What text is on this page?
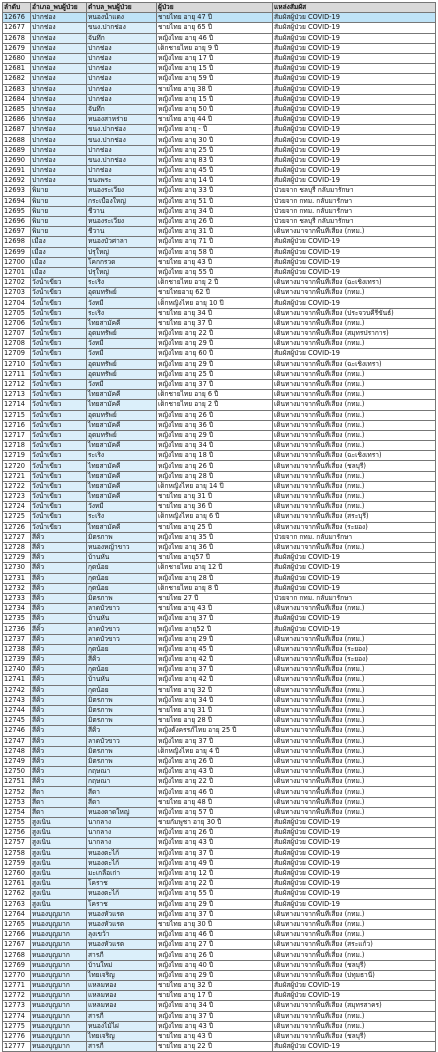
ลำดับ	อำเภอ_พบผู้ป่วย	ตำบล_พบผู้ป่วย	ผู้ป่วย	แหล่งสัมผัส
12676	ปากช่อง	หนองน้ำแดง	ชายไทย อายุ 47 ปี	สัมผัสผู้ป่วย COVID-19
12677	ปากช่อง	ขนง.ปากช่อง	ชายไทย อายุ 65 ปี	สัมผัสผู้ป่วย COVID-19
12678	ปากช่อง	จันทึก	หญิงไทย อายุ 46 ปี	สัมผัสผู้ป่วย COVID-19
12679	ปากช่อง	ปากช่อง	เด็กชายไทย อายุ 9 ปี	สัมผัสผู้ป่วย COVID-19
12680	ปากช่อง	ปากช่อง	หญิงไทย อายุ 17 ปี	สัมผัสผู้ป่วย COVID-19
12681	ปากช่อง	ปากช่อง	หญิงไทย อายุ 15 ปี	สัมผัสผู้ป่วย COVID-19
12682	ปากช่อง	ปากช่อง	หญิงไทย อายุ 59 ปี	สัมผัสผู้ป่วย COVID-19
12683	ปากช่อง	ปากช่อง	ชายไทย อายุ 38 ปี	สัมผัสผู้ป่วย COVID-19
12684	ปากช่อง	ปากช่อง	หญิงไทย อายุ 15 ปี	สัมผัสผู้ป่วย COVID-19
12685	ปากช่อง	จันทึก	หญิงไทย อายุ 50 ปี	สัมผัสผู้ป่วย COVID-19
12686	ปากช่อง	หนองสาหร่าย	ชายไทย อายุ 44 ปี	สัมผัสผู้ป่วย COVID-19
12687	ปากช่อง	ขนง.ปากช่อง	หญิงไทย อายุ - ปี	สัมผัสผู้ป่วย COVID-19
12688	ปากช่อง	ขนง.ปากช่อง	หญิงไทย อายุ 30 ปี	สัมผัสผู้ป่วย COVID-19
12689	ปากช่อง	ปากช่อง	หญิงไทย อายุ 25 ปี	สัมผัสผู้ป่วย COVID-19
12690	ปากช่อง	ขนง.ปากช่อง	หญิงไทย อายุ 83 ปี	สัมผัสผู้ป่วย COVID-19
12691	ปากช่อง	ปากช่อง	หญิงไทย อายุ 45 ปี	สัมผัสผู้ป่วย COVID-19
12692	ปากช่อง	ขนงพระ	หญิงไทย อายุ 14 ปี	สัมผัสผู้ป่วย COVID-19
12693	พิมาย	หนองระเวียง	หญิงไทย อายุ 33 ปี	ป่วยจาก ชลบุรี กลับมารักษา
12694	พิมาย	กระเบื้องใหญ่	หญิงไทย อายุ 51 ปี	ป่วยจาก กทม. กลับมารักษา
12695	พิมาย	ชีวาน	หญิงไทย อายุ 34 ปี	ป่วยจาก กทม. กลับมารักษา
12696	พิมาย	หนองระเวียง	หญิงไทย อายุ 26 ปี	ป่วยจาก ชลบุรี กลับมารักษา
12697	พิมาย	ชีวาน	หญิงไทย อายุ 31 ปี	เดินทางมาจากพื้นที่เสี่ยง (กทม.)
12698	เมือง	หนองบัวศาลา	หญิงไทย อายุ 71 ปี	สัมผัสผู้ป่วย COVID-19
12699	เมือง	ปรุใหญ่	หญิงไทย อายุ 58 ปี	สัมผัสผู้ป่วย COVID-19
12700	เมือง	โคกกรวด	ชายไทย อายุ 43 ปี	สัมผัสผู้ป่วย COVID-19
12701	เมือง	ปรุใหญ่	หญิงไทย อายุ 55 ปี	สัมผัสผู้ป่วย COVID-19
12702	วังน้ำเขียว	ระเริง	เด็กชายไทย อายุ 2 ปี	เดินทางมาจากพื้นที่เสี่ยง (ฉะเชิงเทรา)
12703	วังน้ำเขียว	อุดมทรัพย์	ชายไทยอายุ 62 ปี	เดินทางมาจากพื้นที่เสี่ยง (กทม.)
12704	วังน้ำเขียว	วังหมี	เด็กหญิงไทย อายุ 10 ปี	สัมผัสผู้ป่วย COVID-19
12705	วังน้ำเขียว	ระเริง	ชายไทย อายุ 34 ปี	เดินทางมาจากพื้นที่เสี่ยง (ประจวบคีรีขันธ์)
12706	วังน้ำเขียว	ไทยสามัคคี	ชายไทย อายุ 37 ปี	เดินทางมาจากพื้นที่เสี่ยง (กทม.)
12707	วังน้ำเขียว	อุดมทรัพย์	หญิงไทย อายุ 22 ปี	เดินทางมาจากพื้นที่เสี่ยง (สมุทรปราการ)
12708	วังน้ำเขียว	วังหมี	หญิงไทย อายุ 29 ปี	เดินทางมาจากพื้นที่เสี่ยง (กทม.)
12709	วังน้ำเขียว	วังหมี	หญิงไทย อายุ 60 ปี	สัมผัสผู้ป่วย COVID-19
12710	วังน้ำเขียว	อุดมทรัพย์	หญิงไทย อายุ 29 ปี	เดินทางมาจากพื้นที่เสี่ยง (ฉะเชิงเทรา)
12711	วังน้ำเขียว	อุดมทรัพย์	หญิงไทย อายุ 25 ปี	เดินทางมาจากพื้นที่เสี่ยง (กทม.)
12712	วังน้ำเขียว	วังหมี	หญิงไทย อายุ 37 ปี	เดินทางมาจากพื้นที่เสี่ยง (กทม.)
12713	วังน้ำเขียว	ไทยสามัคคี	เด็กชายไทย อายุ 6 ปี	เดินทางมาจากพื้นที่เสี่ยง (กทม.)
12714	วังน้ำเขียว	ไทยสามัคคี	เด็กชายไทย อายุ 2 ปี	เดินทางมาจากพื้นที่เสี่ยง (กทม.)
12715	วังน้ำเขียว	อุดมทรัพย์	หญิงไทย อายุ 26 ปี	เดินทางมาจากพื้นที่เสี่ยง (กทม.)
12716	วังน้ำเขียว	ไทยสามัคคี	หญิงไทย อายุ 36 ปี	เดินทางมาจากพื้นที่เสี่ยง (กทม.)
12717	วังน้ำเขียว	อุดมทรัพย์	หญิงไทย อายุ 29 ปี	เดินทางมาจากพื้นที่เสี่ยง (กทม.)
12718	วังน้ำเขียว	ไทยสามัคคี	หญิงไทย อายุ 34 ปี	เดินทางมาจากพื้นที่เสี่ยง (กทม.)
12719	วังน้ำเขียว	ระเริง	หญิงไทย อายุ 18 ปี	เดินทางมาจากพื้นที่เสี่ยง (ฉะเชิงเทรา)
12720	วังน้ำเขียว	ไทยสามัคคี	หญิงไทย อายุ 26 ปี	เดินทางมาจากพื้นที่เสี่ยง (ชลบุรี)
12721	วังน้ำเขียว	ไทยสามัคคี	หญิงไทย อายุ 28 ปี	เดินทางมาจากพื้นที่เสี่ยง (กทม.)
12722	วังน้ำเขียว	ไทยสามัคคี	เด็กหญิงไทย อายุ 14 ปี	เดินทางมาจากพื้นที่เสี่ยง (กทม.)
12723	วังน้ำเขียว	ไทยสามัคคี	ชายไทย อายุ 31 ปี	เดินทางมาจากพื้นที่เสี่ยง (กทม.)
12724	วังน้ำเขียว	วังหมี	ชายไทย อายุ 36 ปี	เดินทางมาจากพื้นที่เสี่ยง (กทม.)
12725	วังน้ำเขียว	ระเริง	เด็กหญิงไทย อายุ 6 ปี	เดินทางมาจากพื้นที่เสี่ยง (สระบุรี)
12726	วังน้ำเขียว	ไทยสามัคคี	ชายไทย อายุ 25 ปี	เดินทางมาจากพื้นที่เสี่ยง (ระยอง)
12727	สีคิ้ว	มิตรภาพ	หญิงไทย อายุ 35 ปี	ป่วยจาก กทม. กลับมารักษา
12728	สีคิ้ว	หนองหญ้าขาว	หญิงไทย อายุ 36 ปี	เดินทางมาจากพื้นที่เสี่ยง (กทม.)
12729	สีคิ้ว	บ้านหัน	ชายไทย อายุ57 ปี	สัมผัสผู้ป่วย COVID-19
12730	สีคิ้ว	กุดน้อย	เด็กชายไทย อายุ 12 ปี	สัมผัสผู้ป่วย COVID-19
12731	สีคิ้ว	กุดน้อย	หญิงไทย อายุ 28 ปี	สัมผัสผู้ป่วย COVID-19
12732	สีคิ้ว	กุดน้อย	เด็กชายไทย อายุ 8 ปี	สัมผัสผู้ป่วย COVID-19
12733	สีคิ้ว	มิตรภาพ	ชายไทย 27 ปี	ป่วยจาก กทม. กลับมารักษา
12734	สีคิ้ว	ลาดบัวขาว	ชายไทย อายุ 43 ปี	เดินทางมาจากพื้นที่เสี่ยง (กทม.)
12735	สีคิ้ว	บ้านหัน	หญิงไทย อายุ 37 ปี	สัมผัสผู้ป่วย COVID-19
12736	สีคิ้ว	ลาดบัวขาว	หญิงไทย อายุ52 ปี	สัมผัสผู้ป่วย COVID-19
12737	สีคิ้ว	ลาดบัวขาว	หญิงไทย อายุ 29 ปี	เดินทางมาจากพื้นที่เสี่ยง (กทม.)
12738	สีคิ้ว	กุดน้อย	หญิงไทย อายุ 45 ปี	เดินทางมาจากพื้นที่เสี่ยง (ระยอง)
12739	สีคิ้ว	สีคิ้ว	หญิงไทย อายุ 42 ปี	เดินทางมาจากพื้นที่เสี่ยง (ระยอง)
12740	สีคิ้ว	กุดน้อย	หญิงไทย อายุ 37 ปี	เดินทางมาจากพื้นที่เสี่ยง (กทม.)
12741	สีคิ้ว	บ้านหัน	หญิงไทย อายุ 42 ปี	เดินทางมาจากพื้นที่เสี่ยง (กทม.)
12742	สีคิ้ว	กุดน้อย	ชายไทย อายุ 32 ปี	เดินทางมาจากพื้นที่เสี่ยง (กทม.)
12743	สีคิ้ว	มิตรภาพ	หญิงไทย อายุ 34 ปี	เดินทางมาจากพื้นที่เสี่ยง (กทม.)
12744	สีคิ้ว	มิตรภาพ	ชายไทย อายุ 31 ปี	เดินทางมาจากพื้นที่เสี่ยง (กทม.)
12745	สีคิ้ว	มิตรภาพ	ชายไทย อายุ 28 ปี	เดินทางมาจากพื้นที่เสี่ยง (กทม.)
12746	สีคิ้ว	สีคิ้ว	หญิงตั้งครรภ์ไทย อายุ 25 ปี	เดินทางมาจากพื้นที่เสี่ยง (กทม.)
12747	สีคิ้ว	ลาดบัวขาว	หญิงไทย อายุ 37 ปี	เดินทางมาจากพื้นที่เสี่ยง (กทม.)
12748	สีคิ้ว	มิตรภาพ	เด็กหญิงไทย อายุ 4 ปี	เดินทางมาจากพื้นที่เสี่ยง (กทม.)
12749	สีคิ้ว	มิตรภาพ	หญิงไทย อายุ 26 ปี	เดินทางมาจากพื้นที่เสี่ยง (กทม.)
12750	สีคิ้ว	กฤษณา	หญิงไทย อายุ 43 ปี	เดินทางมาจากพื้นที่เสี่ยง (กทม.)
12751	สีคิ้ว	กฤษณา	หญิงไทย อายุ 22 ปี	เดินทางมาจากพื้นที่เสี่ยง (กทม.)
12752	สีดา	สีดา	หญิงไทย อายุ 46 ปี	เดินทางมาจากพื้นที่เสี่ยง (กทม.)
12753	สีดา	สีดา	ชายไทย อายุ 48 ปี	เดินทางมาจากพื้นที่เสี่ยง (กทม.)
12754	สีดา	หนองตาดใหญ่	หญิงไทย อายุ 57 ปี	เดินทางมาจากพื้นที่เสี่ยง (กทม.)
12755	สูงเนิน	นากลาง	ชายกัมพูชา อายุ 30 ปี	สัมผัสผู้ป่วย COVID-19
12756	สูงเนิน	นากลาง	หญิงไทย อายุ 26 ปี	สัมผัสผู้ป่วย COVID-19
12757	สูงเนิน	นากลาง	หญิงไทย อายุ 43 ปี	สัมผัสผู้ป่วย COVID-19
12758	สูงเนิน	หนองตะไก้	หญิงไทย อายุ 37 ปี	สัมผัสผู้ป่วย COVID-19
12759	สูงเนิน	หนองตะไก้	หญิงไทย อายุ 49 ปี	สัมผัสผู้ป่วย COVID-19
12760	สูงเนิน	มะเกลือเก่า	หญิงไทย อายุ 12 ปี	สัมผัสผู้ป่วย COVID-19
12761	สูงเนิน	โคราช	หญิงไทย อายุ 22 ปี	สัมผัสผู้ป่วย COVID-19
12762	สูงเนิน	หนองตะไก้	หญิงไทย อายุ 55 ปี	สัมผัสผู้ป่วย COVID-19
12763	สูงเนิน	โคราช	หญิงไทย อายุ 29 ปี	สัมผัสผู้ป่วย COVID-19
12764	หนองบุญมาก	หนองหัวแรต	หญิงไทย อายุ 37 ปี	เดินทางมาจากพื้นที่เสี่ยง (กทม.)
12765	หนองบุญมาก	หนองหัวแรต	ชายไทย อายุ 30 ปี	เดินทางมาจากพื้นที่เสี่ยง (กทม.)
12766	หนองบุญมาก	ลุงเขว้า	หญิงไทย อายุ 46 ปี	เดินทางมาจากพื้นที่เสี่ยง (กทม.)
12767	หนองบุญมาก	หนองหัวแรต	หญิงไทย อายุ 27 ปี	เดินทางมาจากพื้นที่เสี่ยง (สระแก้ว)
12768	หนองบุญมาก	สารภี	หญิงไทย อายุ 26 ปี	เดินทางมาจากพื้นที่เสี่ยง (กทม.)
12769	หนองบุญมาก	บ้านใหม่	หญิงไทย อายุ 40 ปี	เดินทางมาจากพื้นที่เสี่ยง (ชลบุรี)
12770	หนองบุญมาก	ไทยเจริญ	หญิงไทย อายุ 29 ปี	เดินทางมาจากพื้นที่เสี่ยง (ปทุมธานี)
12771	หนองบุญมาก	แหลมทอง	ชายไทย อายุ 32 ปี	สัมผัสผู้ป่วย COVID-19
12772	หนองบุญมาก	แหลมทอง	ชายไทย อายุ 17 ปี	สัมผัสผู้ป่วย COVID-19
12773	หนองบุญมาก	แหลมทอง	หญิงไทย อายุ 34 ปี	เดินทางมาจากพื้นที่เสี่ยง (สมุทรสาคร)
12774	หนองบุญมาก	สารภี	หญิงไทย อายุ 37 ปี	เดินทางมาจากพื้นที่เสี่ยง (กทม.)
12775	หนองบุญมาก	หนองไม้ไผ่	หญิงไทย อายุ 43 ปี	เดินทางมาจากพื้นที่เสี่ยง (กทม.)
12776	หนองบุญมาก	ไทยเจริญ	ชายไทย อายุ 43 ปี	เดินทางมาจากพื้นที่เสี่ยง (ชลบุรี)
12777	หนองบุญมาก	สารภี	ชายไทย อายุ 22 ปี	สัมผัสผู้ป่วย COVID-19
